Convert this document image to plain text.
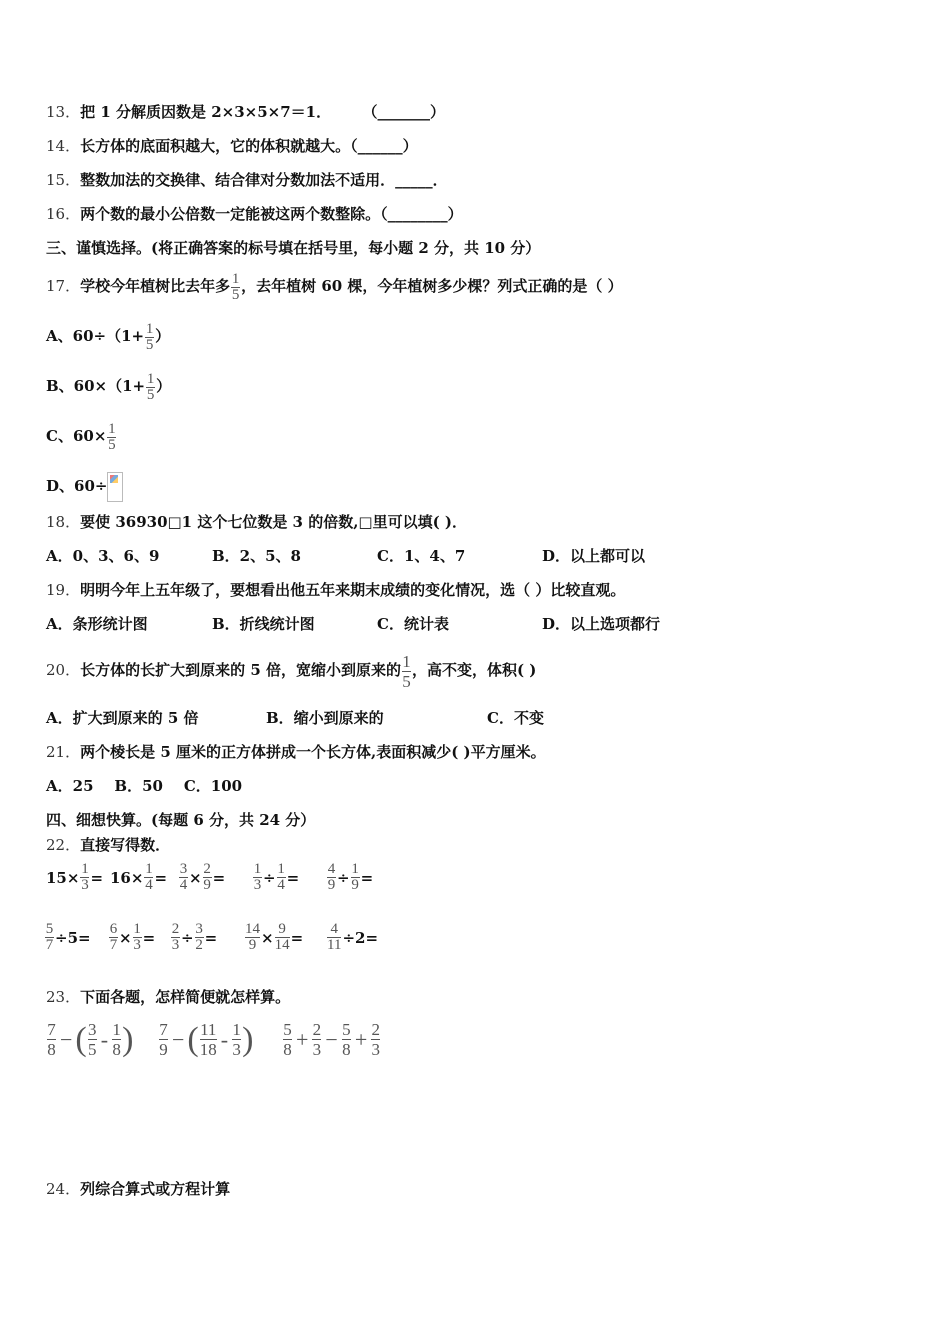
13．把 1 分解质因数是 2×3×5×7＝1． （_______）
14．长方体的底面积越大，它的体积就越大。（______）
15．整数加法的交换律、结合律对分数加法不适用．_____．
16．两个数的最小公倍数一定能被这两个数整除。（________）
三、谨慎选择。(将正确答案的标号填在括号里，每小题 2 分，共 10 分）
17．学校今年植树比去年多 $\frac{1}{5}$ ，去年植树 60 棵，今年植树多少棵？列式正确的是（ ）
A、$60\div(1+ \frac{1}{5}$ ）
B、$60\times(1+ \frac{1}{5}$ ）
C、$60\times \frac{1}{5}$
D、60÷
18．要使 36930□1 这个七位数是 3 的倍数,□里可以填( )．
A．0、3、6、9	B．2、5、8	C．1、4、7	D．以上都可以
19．明明今年上五年级了，要想看出他五年来期末成绩的变化情况，选（ ）比较直观。
A．条形统计图	B．折线统计图	C．统计表	D．以上选项都行
20．长方体的长扩大到原来的 5 倍，宽缩小到原来的 $\frac{1}{5}$ ，高不变，体积( )
A．扩大到原来的 5 倍	B．缩小到原来的	C．不变
21．两个棱长是 5 厘米的正方体拼成一个长方体,表面积减少( )平方厘米。
A．25    B．50    C．100
四、细想快算。(每题 6 分，共 24 分）
22．直接写得数．
$15\times \frac{1}{3} = 16\times \frac{1}{4} = \frac{3}{4} \times \frac{2}{9} = \frac{1}{3} \div \frac{1}{4} = \frac{4}{9} \div \frac{1}{9}$ =
$\frac{5}{7} \div 5= \frac{6}{7} \times \frac{1}{3} = \frac{2}{3} \div \frac{3}{2} = \frac{14}{9} \times \frac{9}{14} = \frac{4}{11} \div 2=$
23．下面各题，怎样简便就怎样算。
$\frac{7}{8}$ − ( $\frac{3}{5} - \frac{1}{8}$ ) $\frac{7}{9}$ − ( $\frac{11}{18} - \frac{1}{3}$ ) $\frac{5}{8} + \frac{2}{3} - \frac{5}{8} + \frac{2}{3}$
24．列综合算式或方程计算
